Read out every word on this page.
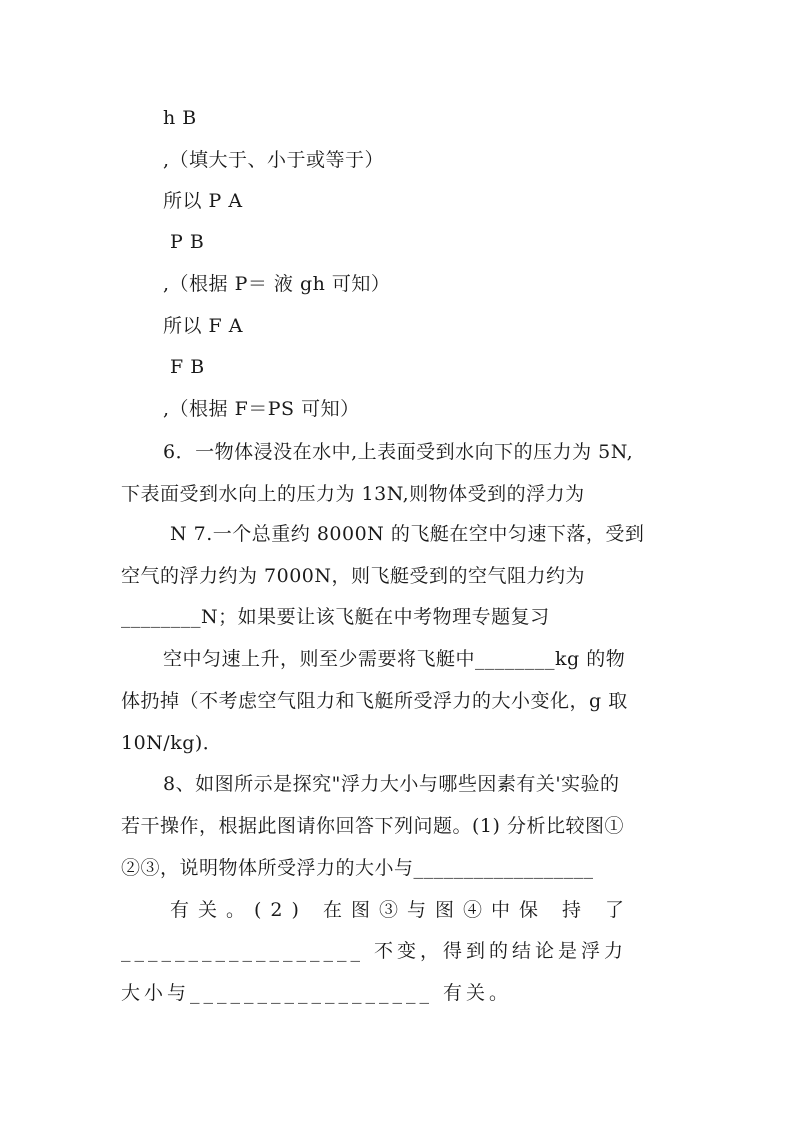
h B
,（填大于、小于或等于）
所以 P A
P B
,（根据 P＝ 液 gh 可知）
所以 F A
F B
,（根据 F＝PS 可知）
6．一物体浸没在水中,上表面受到水向下的压力为 5N,
下表面受到水向上的压力为 13N,则物体受到的浮力为
N 7.一个总重约 8000N 的飞艇在空中匀速下落，受到
空气的浮力约为 7000N，则飞艇受到的空气阻力约为
________N；如果要让该飞艇在中考物理专题复习
空中匀速上升，则至少需要将飞艇中________kg 的物
体扔掉（不考虑空气阻力和飞艇所受浮力的大小变化，g 取
10N/kg)．
8、如图所示是探究"浮力大小与哪些因素有关'实验的
若干操作，根据此图请你回答下列问题。(1) 分析比较图①
②③，说明物体所受浮力的大小与__________________
有关。(2) 在图③与图④中保 持 了
__________________ 不变，得到的结论是浮力
大小与__________________ 有关。
